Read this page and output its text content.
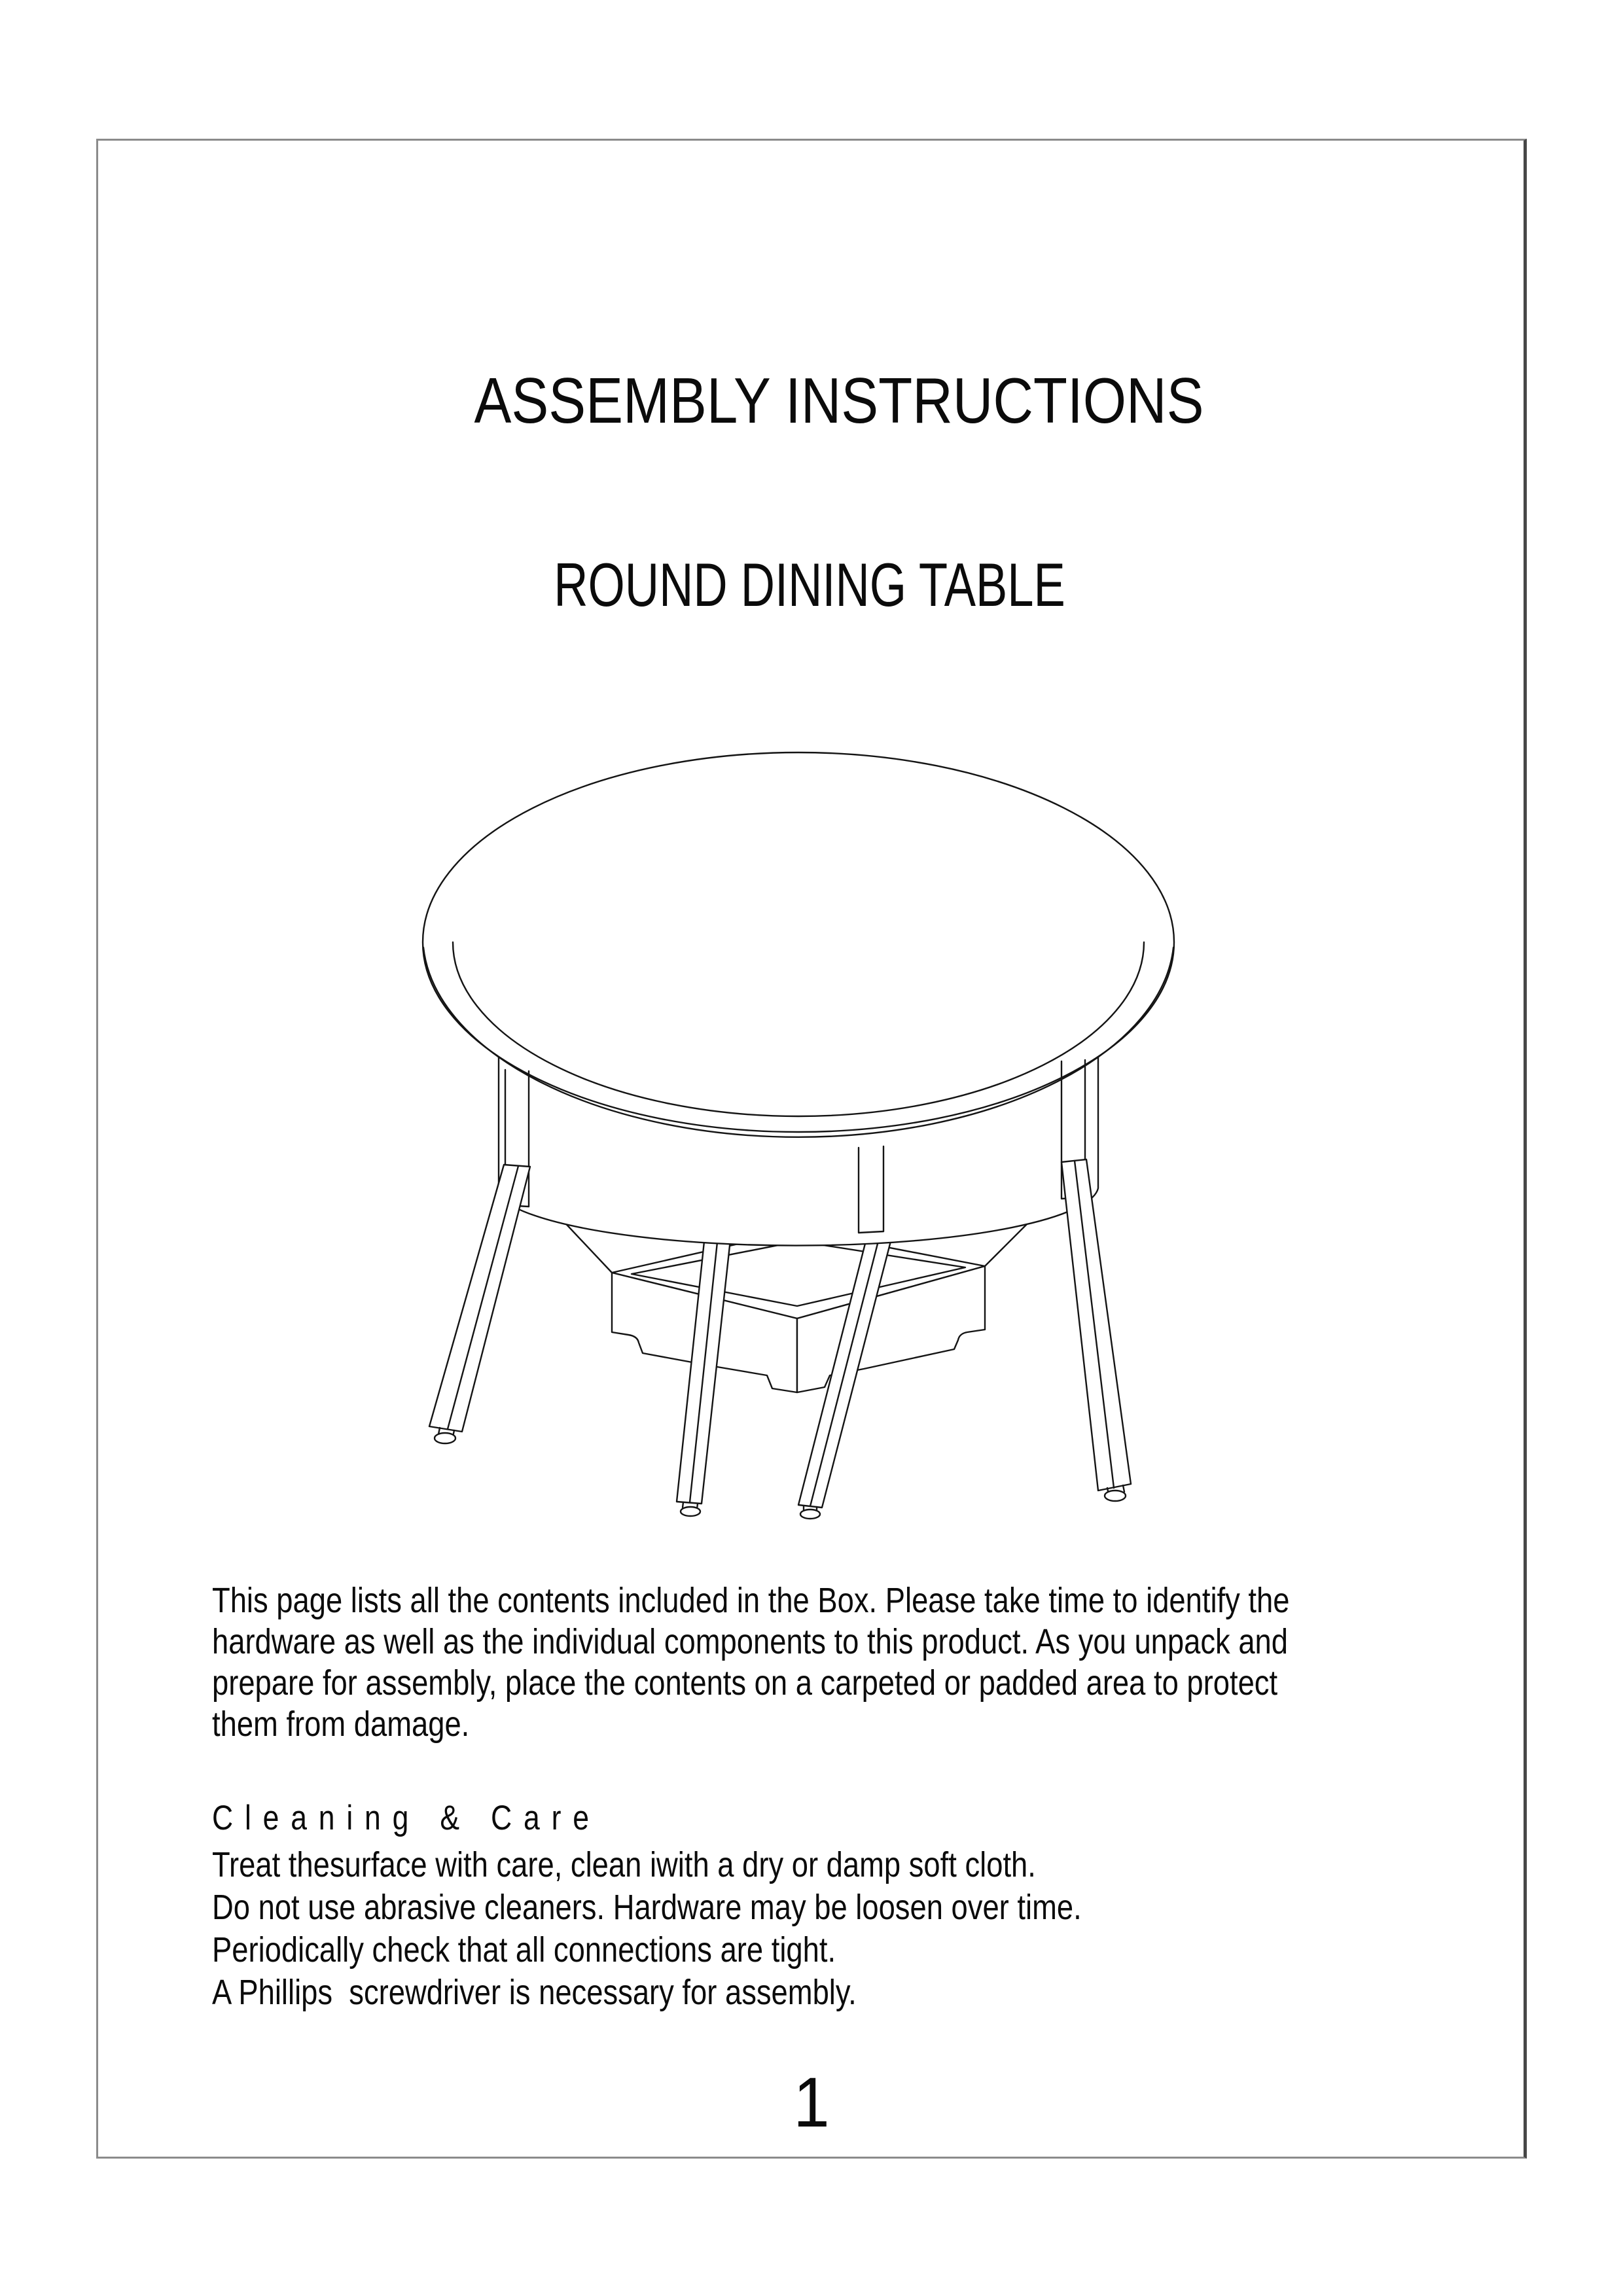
ASSEMBLY INSTRUCTIONS
ROUND DINING TABLE
This page lists all the contents included in the Box. Please take time to identify the
hardware as well as the individual components to this product. As you unpack and
prepare for assembly, place the contents on a carpeted or padded area to protect
them from damage.
Cleaning & Care
Treat thesurface with care, clean iwith a dry or damp soft cloth.
Do not use abrasive cleaners. Hardware may be loosen over time.
Periodically check that all connections are tight.
A Phillips  screwdriver is necessary for assembly.
1
